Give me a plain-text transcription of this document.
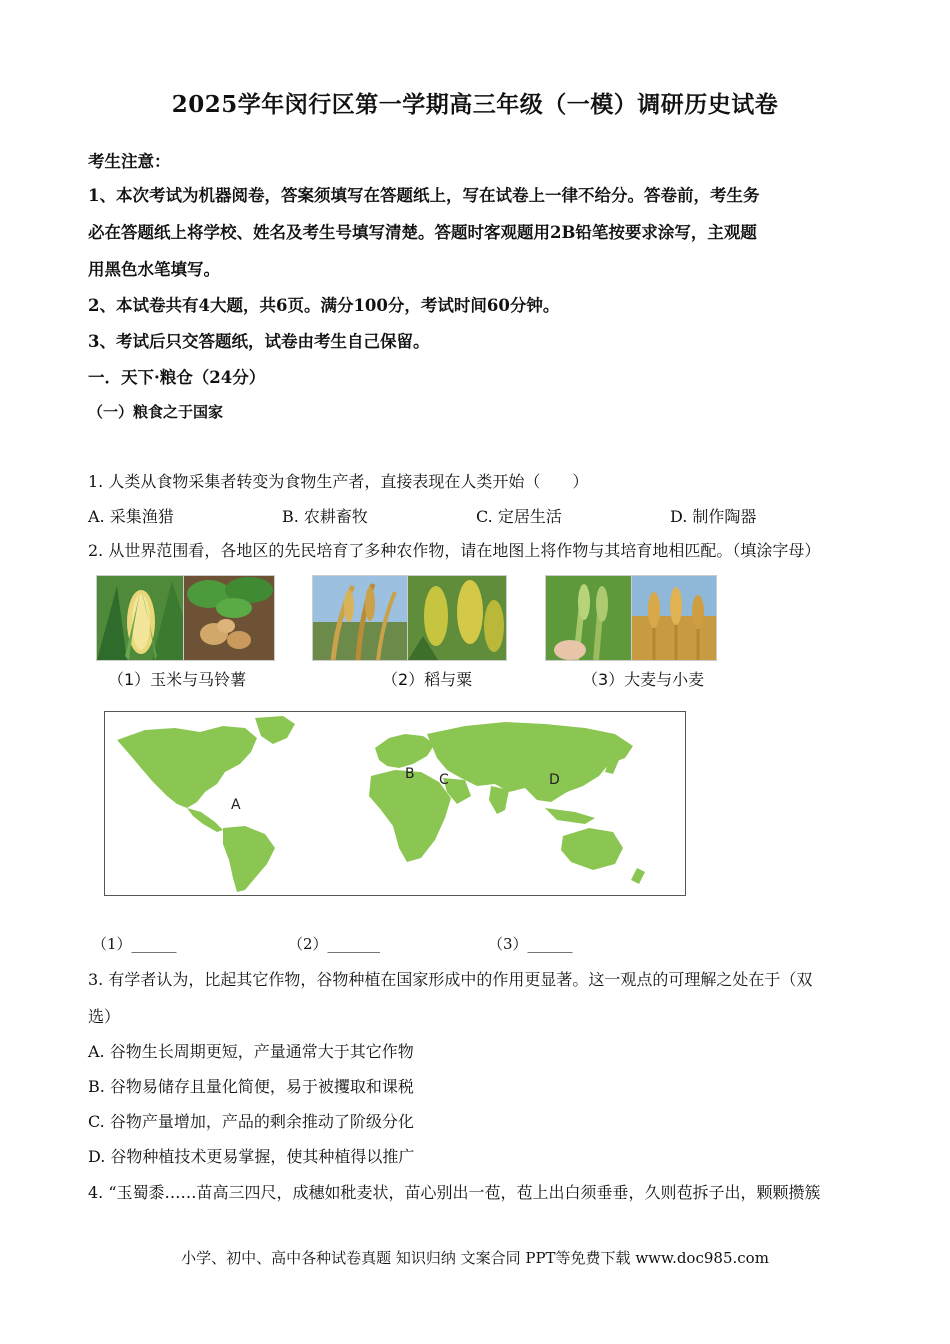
2025学年闵行区第一学期高三年级（一模）调研历史试卷
考生注意：
1、本次考试为机器阅卷，答案须填写在答题纸上，写在试卷上一律不给分。答卷前，考生务
必在答题纸上将学校、姓名及考生号填写清楚。答题时客观题用2B铅笔按要求涂写，主观题
用黑色水笔填写。
2、本试卷共有4大题，共6页。满分100分，考试时间60分钟。
3、考试后只交答题纸，试卷由考生自己保留。
一．天下·粮仓（24分）
（一）粮食之于国家
1. 人类从食物采集者转变为食物生产者，直接表现在人类开始（　　）
A. 采集渔猎	B. 农耕畜牧	C. 定居生活	D. 制作陶器
2. 从世界范围看，各地区的先民培育了多种农作物，请在地图上将作物与其培育地相匹配。（填涂字母）
（1）玉米与马铃薯	（2）稻与粟	（3）大麦与小麦
A
B C	D
（1）______	（2）_______	（3）______
3. 有学者认为，比起其它作物，谷物种植在国家形成中的作用更显著。这一观点的可理解之处在于（双
选）
A. 谷物生长周期更短，产量通常大于其它作物
B. 谷物易储存且量化简便，易于被攫取和课税
C. 谷物产量增加，产品的剩余推动了阶级分化
D. 谷物种植技术更易掌握，使其种植得以推广
4. “玉蜀黍……苗高三四尺，成穗如秕麦状，苗心别出一苞，苞上出白须垂垂，久则苞拆子出，颗颗攒簇
小学、初中、高中各种试卷真题 知识归纳 文案合同 PPT等免费下载 www.doc985.com
